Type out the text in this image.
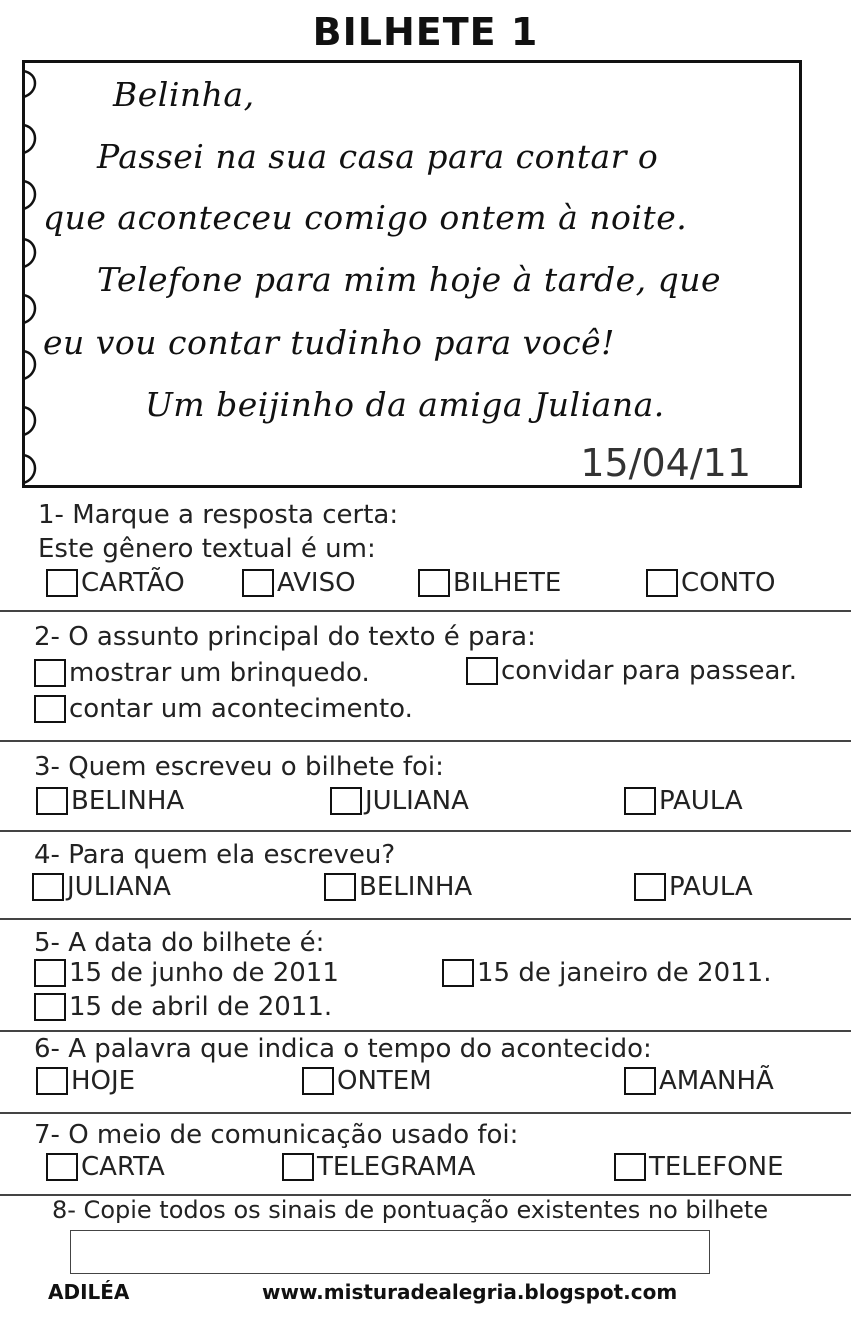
BILHETE 1
Belinha,
Passei na sua casa para contar o
que aconteceu comigo ontem à noite.
Telefone para mim hoje à tarde, que
eu vou contar tudinho para você!
Um beijinho da amiga Juliana.
15/04/11
1- Marque a resposta certa:
Este gênero textual é um:
CARTÃO	AVISO	BILHETE	CONTO
2- O assunto principal do texto é para:
mostrar um brinquedo.	convidar para passear.
contar um acontecimento.
3- Quem escreveu o bilhete foi:
BELINHA	JULIANA	PAULA
4- Para quem ela escreveu?
JULIANA	BELINHA	PAULA
5- A data do bilhete é:
15 de junho de 2011	15 de janeiro de 2011.
15 de abril de 2011.
6- A palavra que indica o tempo do acontecido:
HOJE	ONTEM	AMANHÃ
7- O meio de comunicação usado foi:
CARTA	TELEGRAMA	TELEFONE
8- Copie todos os sinais de pontuação existentes no bilhete
ADILÉA	www.misturadealegria.blogspot.com
